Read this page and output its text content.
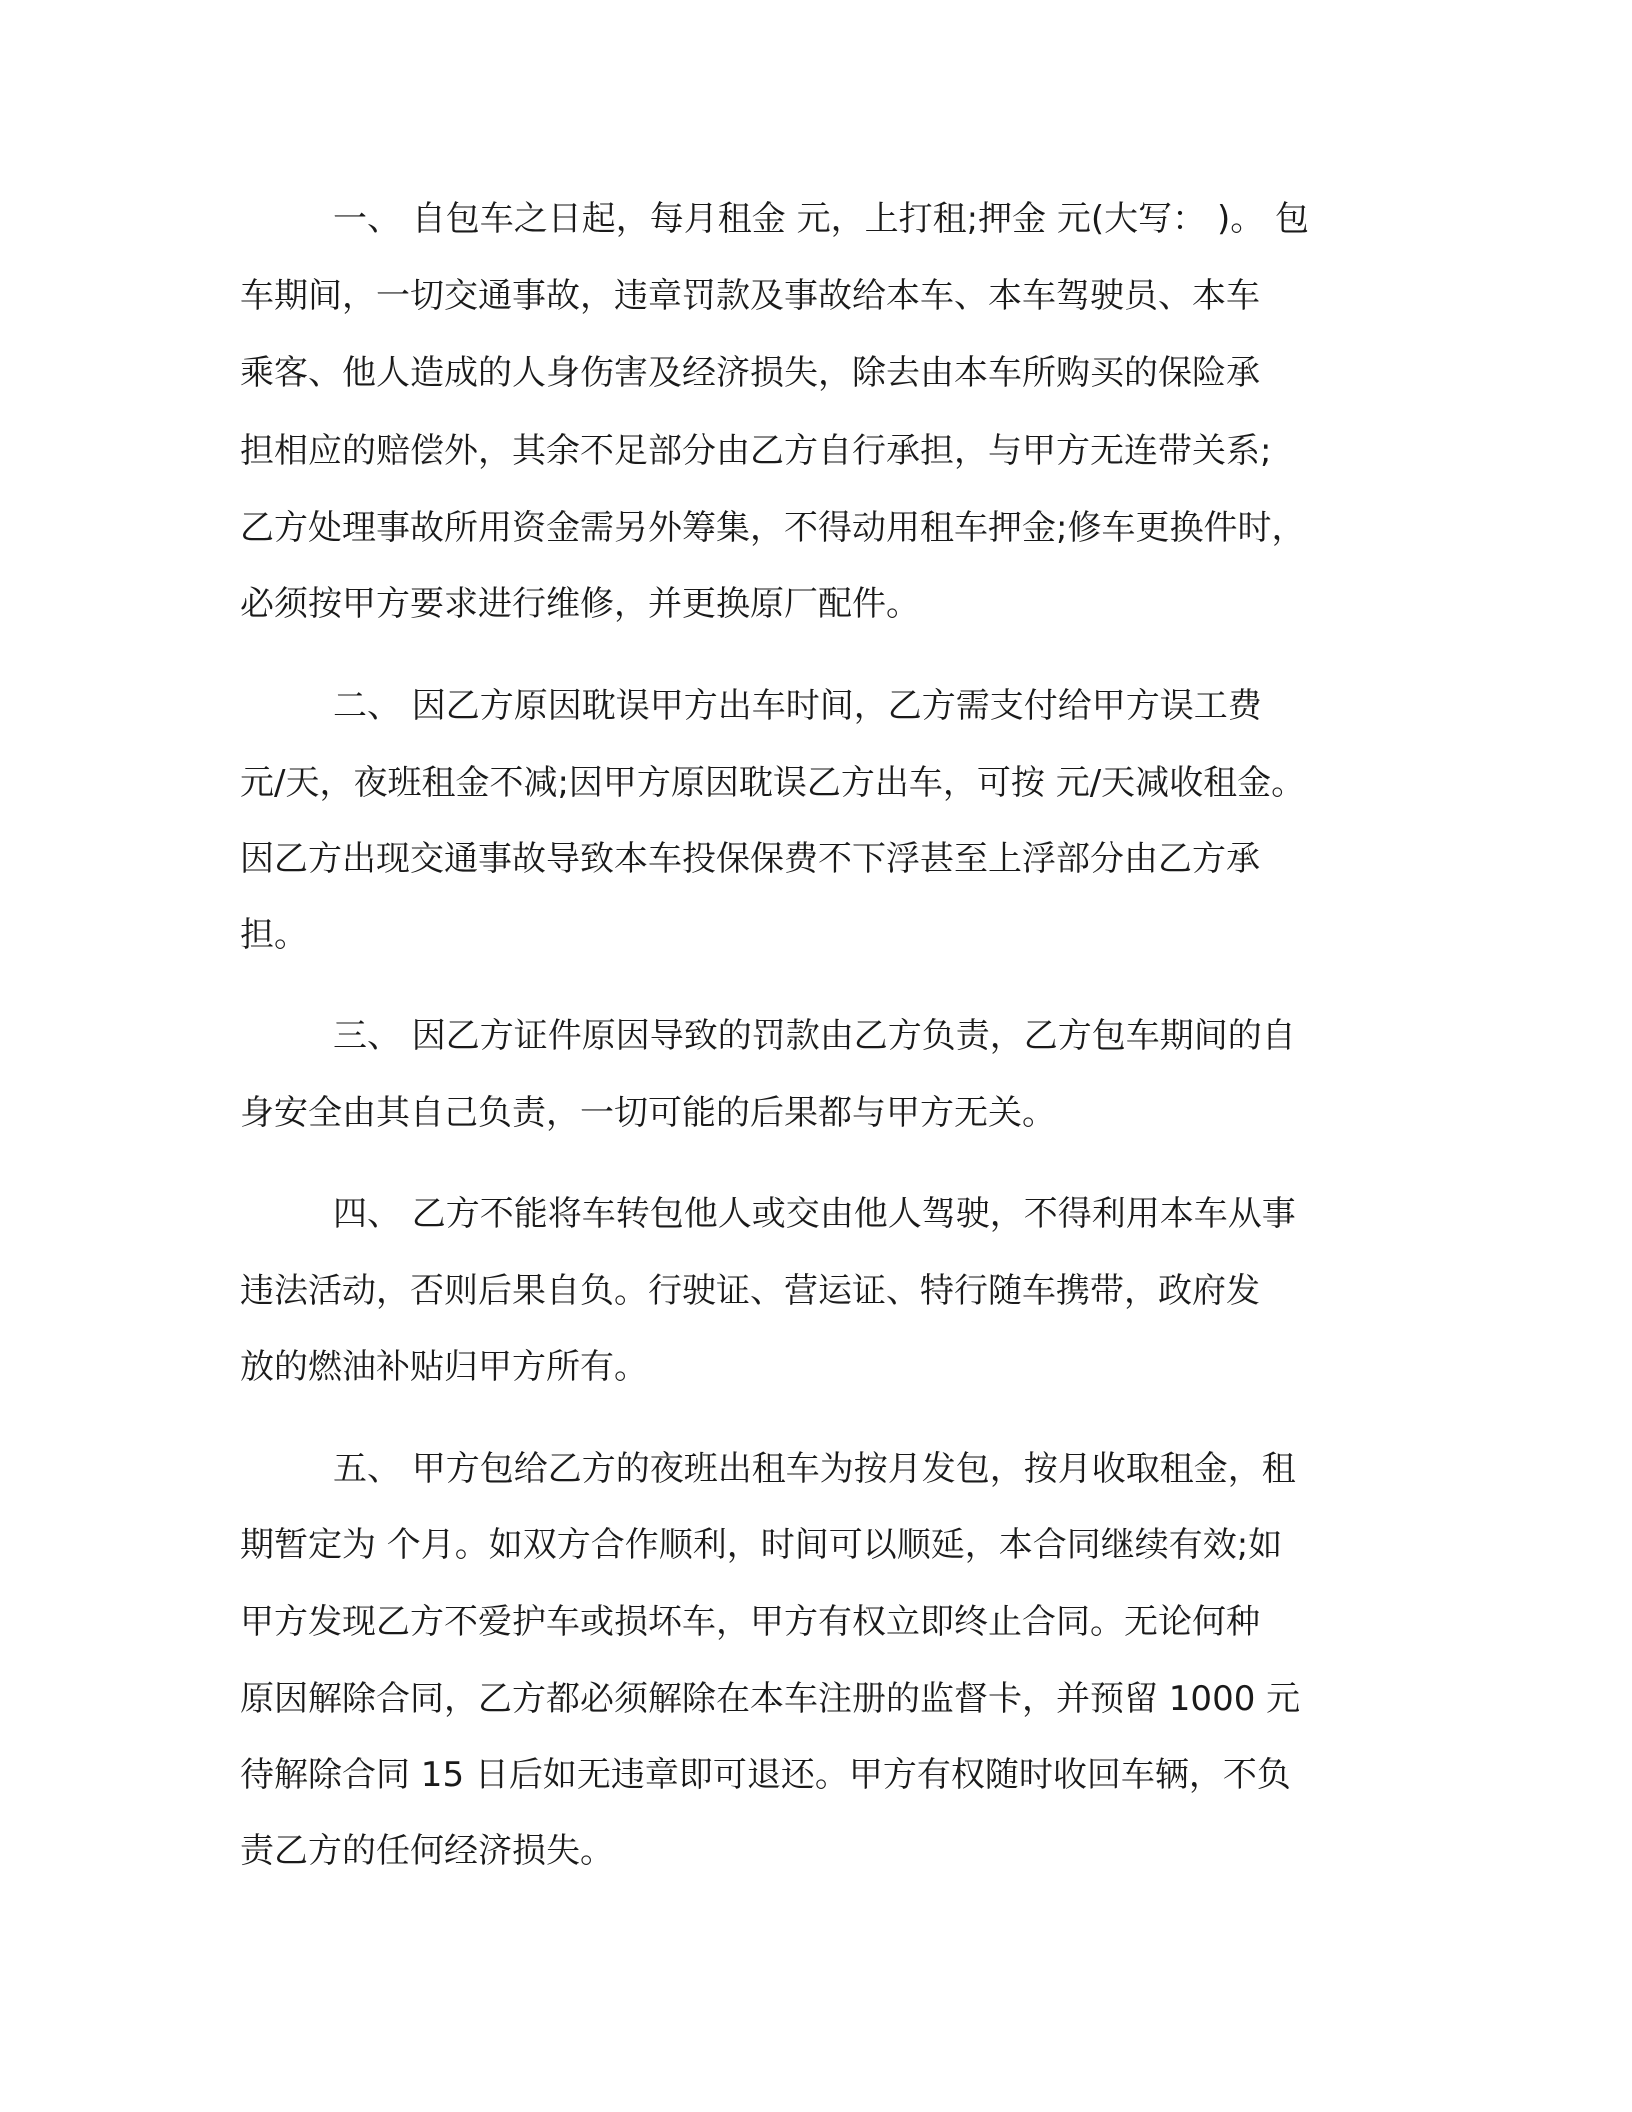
一、 自包车之日起，每月租金 元，上打租;押金 元(大写： )。 包

车期间，一切交通事故，违章罚款及事故给本车、本车驾驶员、本车

乘客、他人造成的人身伤害及经济损失，除去由本车所购买的保险承

担相应的赔偿外，其余不足部分由乙方自行承担，与甲方无连带关系;

乙方处理事故所用资金需另外筹集，不得动用租车押金;修车更换件时，

必须按甲方要求进行维修，并更换原厂配件。

二、 因乙方原因耽误甲方出车时间，乙方需支付给甲方误工费

元/天，夜班租金不减;因甲方原因耽误乙方出车，可按 元/天减收租金。

因乙方出现交通事故导致本车投保保费不下浮甚至上浮部分由乙方承

担。

三、 因乙方证件原因导致的罚款由乙方负责，乙方包车期间的自

身安全由其自己负责，一切可能的后果都与甲方无关。

四、 乙方不能将车转包他人或交由他人驾驶，不得利用本车从事

违法活动，否则后果自负。行驶证、营运证、特行随车携带，政府发

放的燃油补贴归甲方所有。

五、 甲方包给乙方的夜班出租车为按月发包，按月收取租金，租

期暂定为 个月。如双方合作顺利，时间可以顺延，本合同继续有效;如

甲方发现乙方不爱护车或损坏车，甲方有权立即终止合同。无论何种

原因解除合同，乙方都必须解除在本车注册的监督卡，并预留 1000 元

待解除合同 15 日后如无违章即可退还。甲方有权随时收回车辆，不负

责乙方的任何经济损失。
